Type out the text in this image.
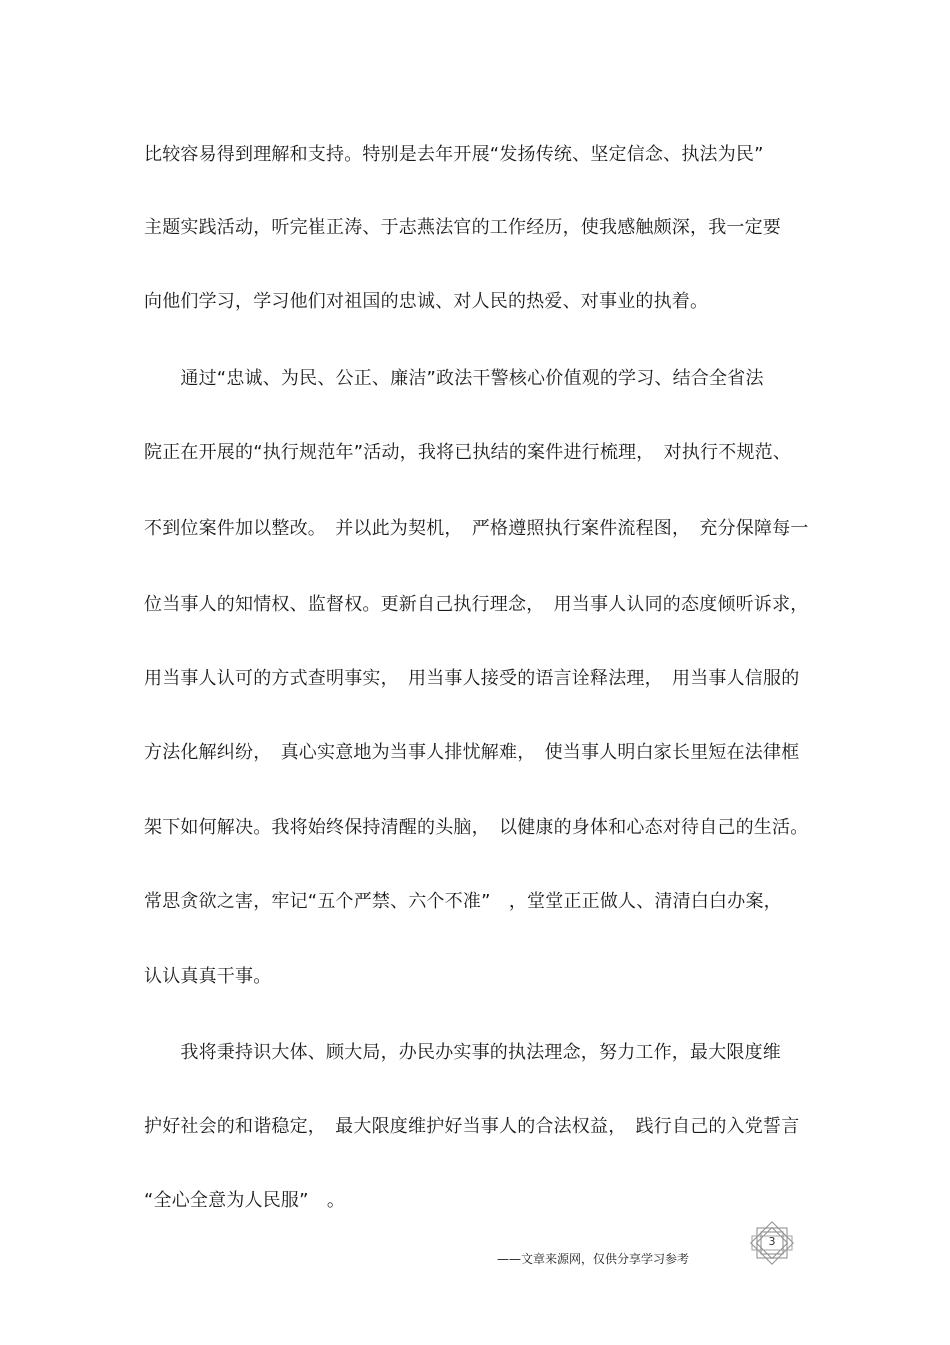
比较容易得到理解和支持。特别是去年开展“发扬传统、坚定信念、执法为民”
主题实践活动，听完崔正涛、于志燕法官的工作经历，使我感触颇深，我一定要
向他们学习，学习他们对祖国的忠诚、对人民的热爱、对事业的执着。
　　通过“忠诚、为民、公正、廉洁”政法干警核心价值观的学习、结合全省法
院正在开展的“执行规范年”活动，我将已执结的案件进行梳理，　对执行不规范、
不到位案件加以整改。　并以此为契机，　严格遵照执行案件流程图，　充分保障每一
位当事人的知情权、监督权。更新自己执行理念，　用当事人认同的态度倾听诉求，
用当事人认可的方式查明事实，　用当事人接受的语言诠释法理，　用当事人信服的
方法化解纠纷，　真心实意地为当事人排忧解难，　使当事人明白家长里短在法律框
架下如何解决。我将始终保持清醒的头脑，　以健康的身体和心态对待自己的生活。
常思贪欲之害，牢记“五个严禁、六个不准”　，堂堂正正做人、清清白白办案，
认认真真干事。
　　我将秉持识大体、顾大局，办民办实事的执法理念，努力工作，最大限度维
护好社会的和谐稳定，　最大限度维护好当事人的合法权益，　践行自己的入党誓言
“全心全意为人民服”　。
3
——文章来源网，仅供分享学习参考
